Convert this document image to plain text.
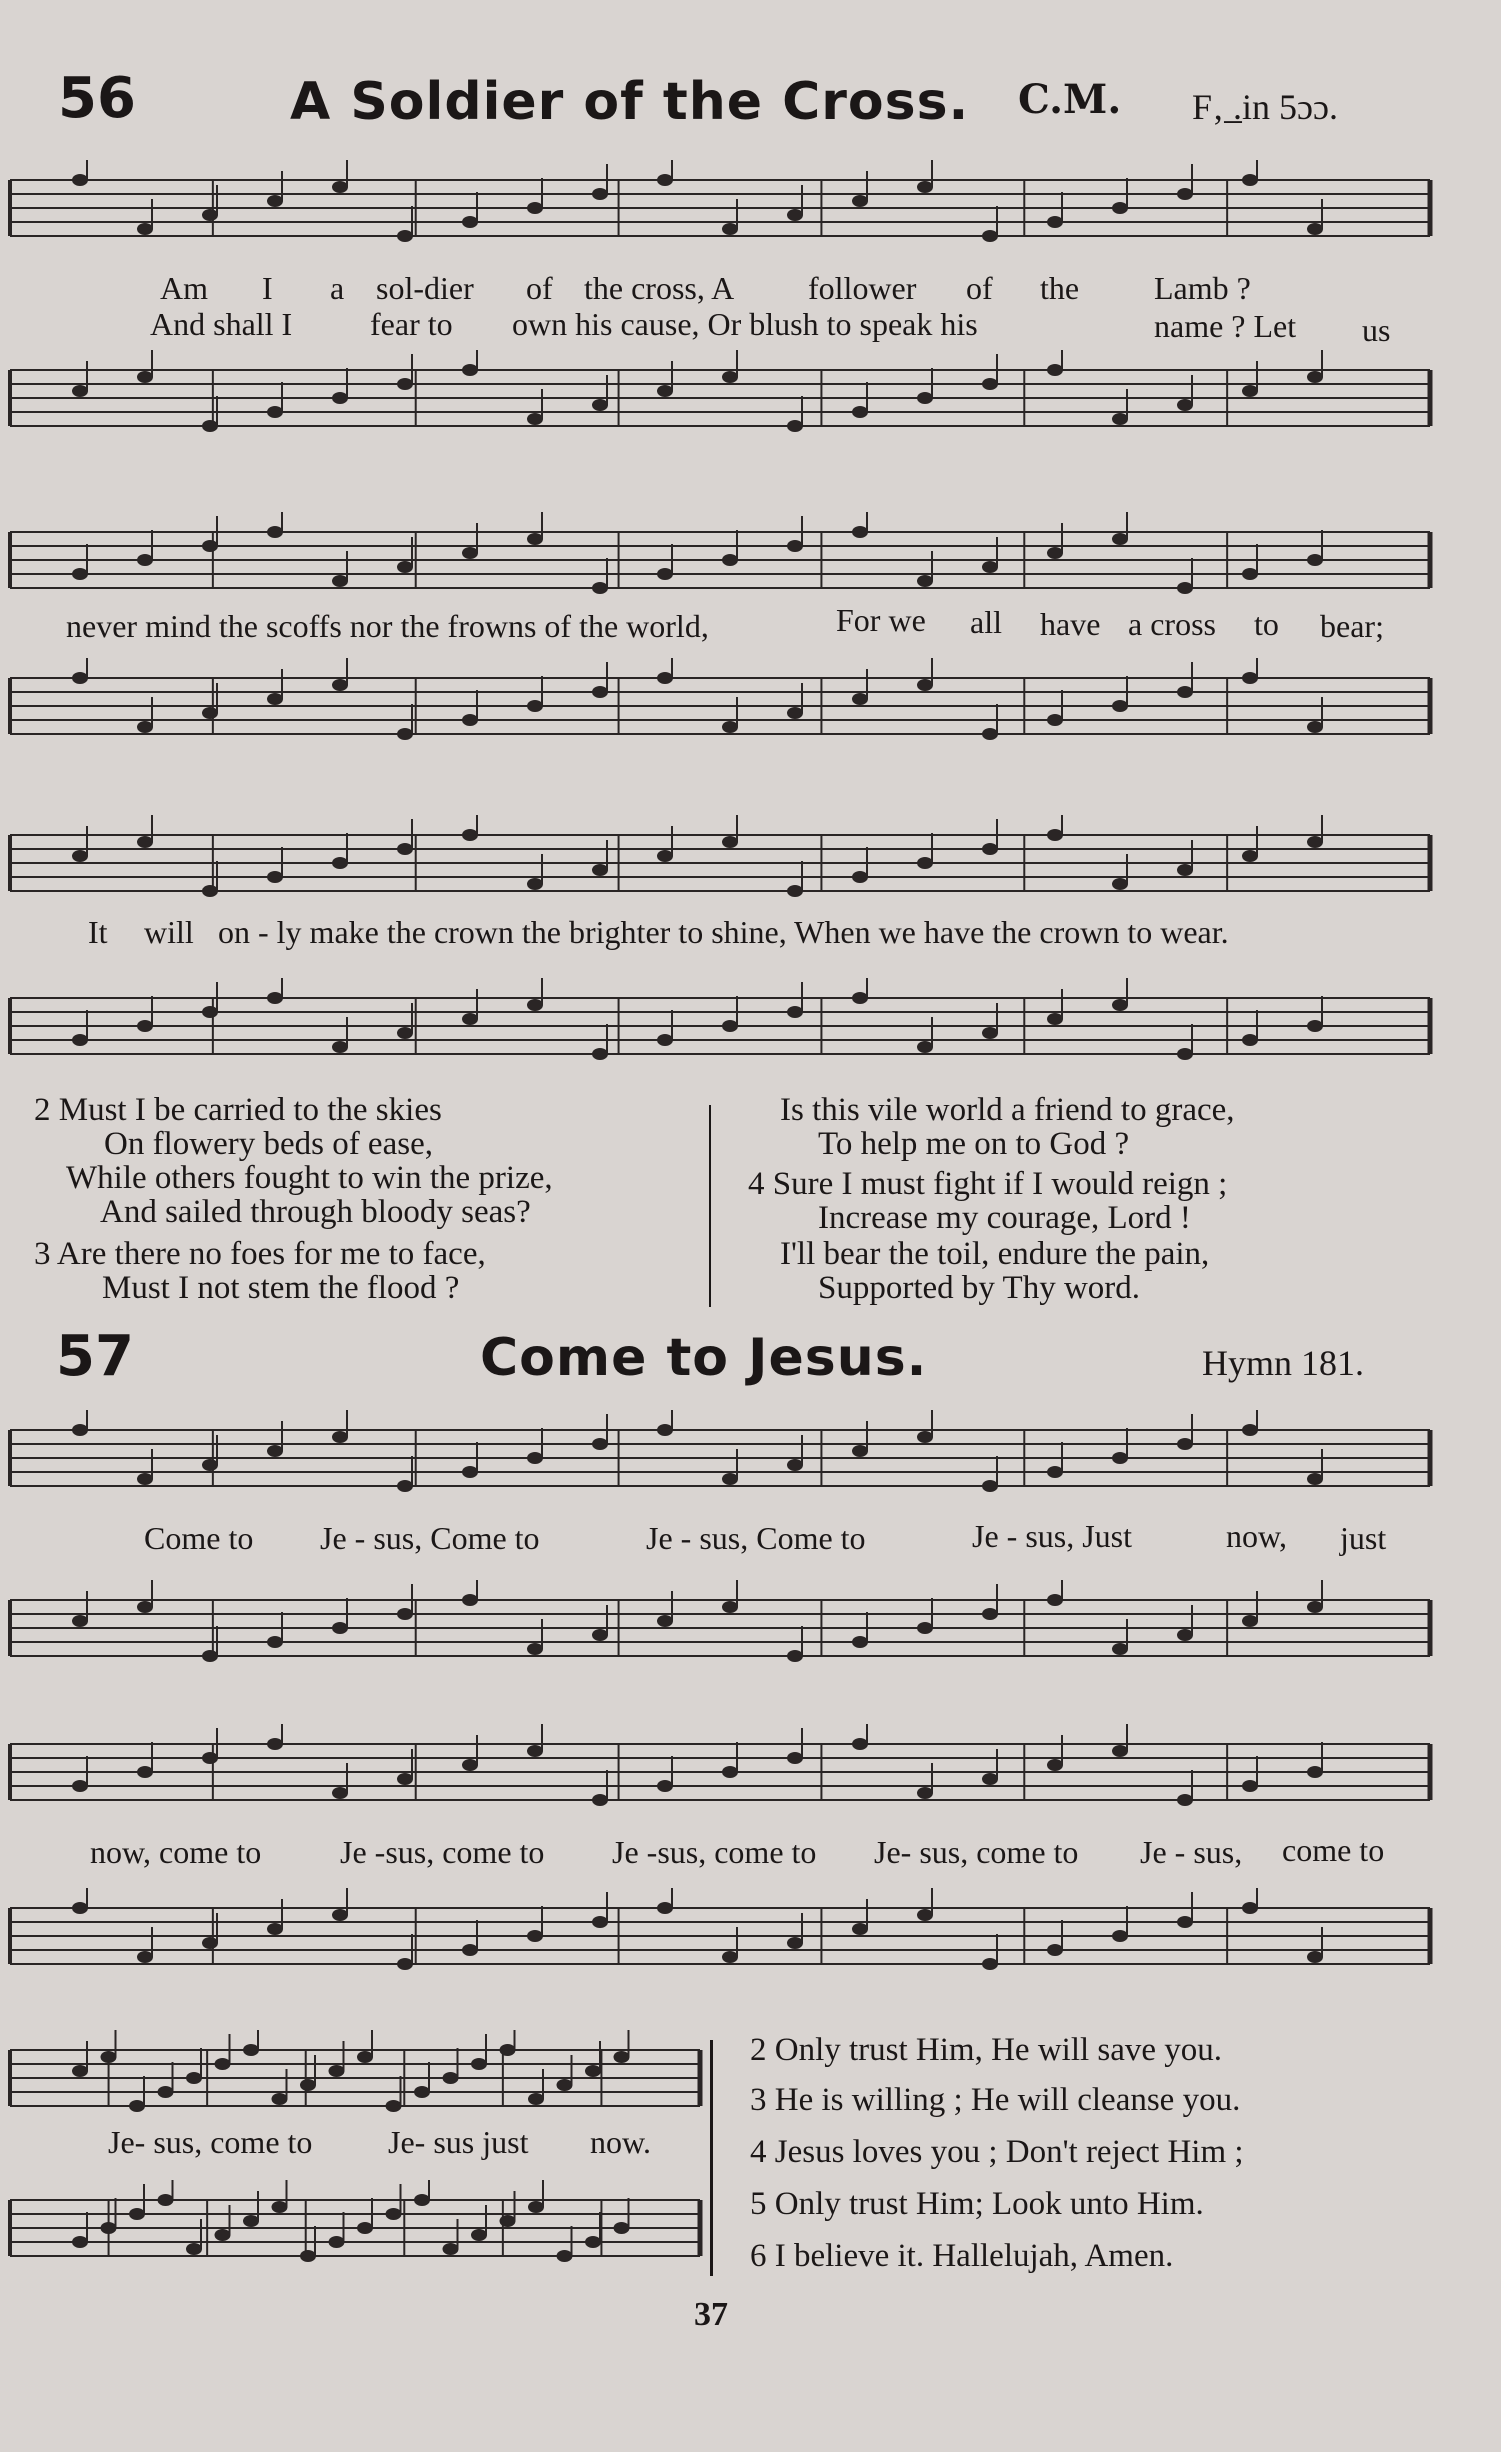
56	A Soldier of the Cross. C.M. F‚ ̲.in 5ɔɔ.
Am I a sol-dier of the cross, A follower of the Lamb ?
And shall I fear to own his cause, Or blush to speak his	name ? Let us
never mind the scoffs nor the frowns of the world,	For we all have a cross to bear;
It will on - ly make the crown the brighter to shine, When we have the crown to wear.
2 Must I be carried to the skies
On flowery beds of ease,
While others fought to win the prize,
And sailed through bloody seas?
3 Are there no foes for me to face,
Must I not stem the flood ?
Is this vile world a friend to grace,
To help me on to God ?
4 Sure I must fight if I would reign ;
Increase my courage, Lord !
I'll bear the toil, endure the pain,
Supported by Thy word.
57	Come to Jesus.	Hymn 181.
Come to Je - sus, Come to	Je - sus, Come to	Je - sus, Just	now, just
now, come to Je -sus, come to Je -sus, come to Je- sus, come to Je - sus, come to
Je- sus, come to Je- sus just now.
2 Only trust Him, He will save you.
3 He is willing ; He will cleanse you.
4 Jesus loves you ; Don't reject Him ;
5 Only trust Him; Look unto Him.
6 I believe it. Hallelujah, Amen.
37
